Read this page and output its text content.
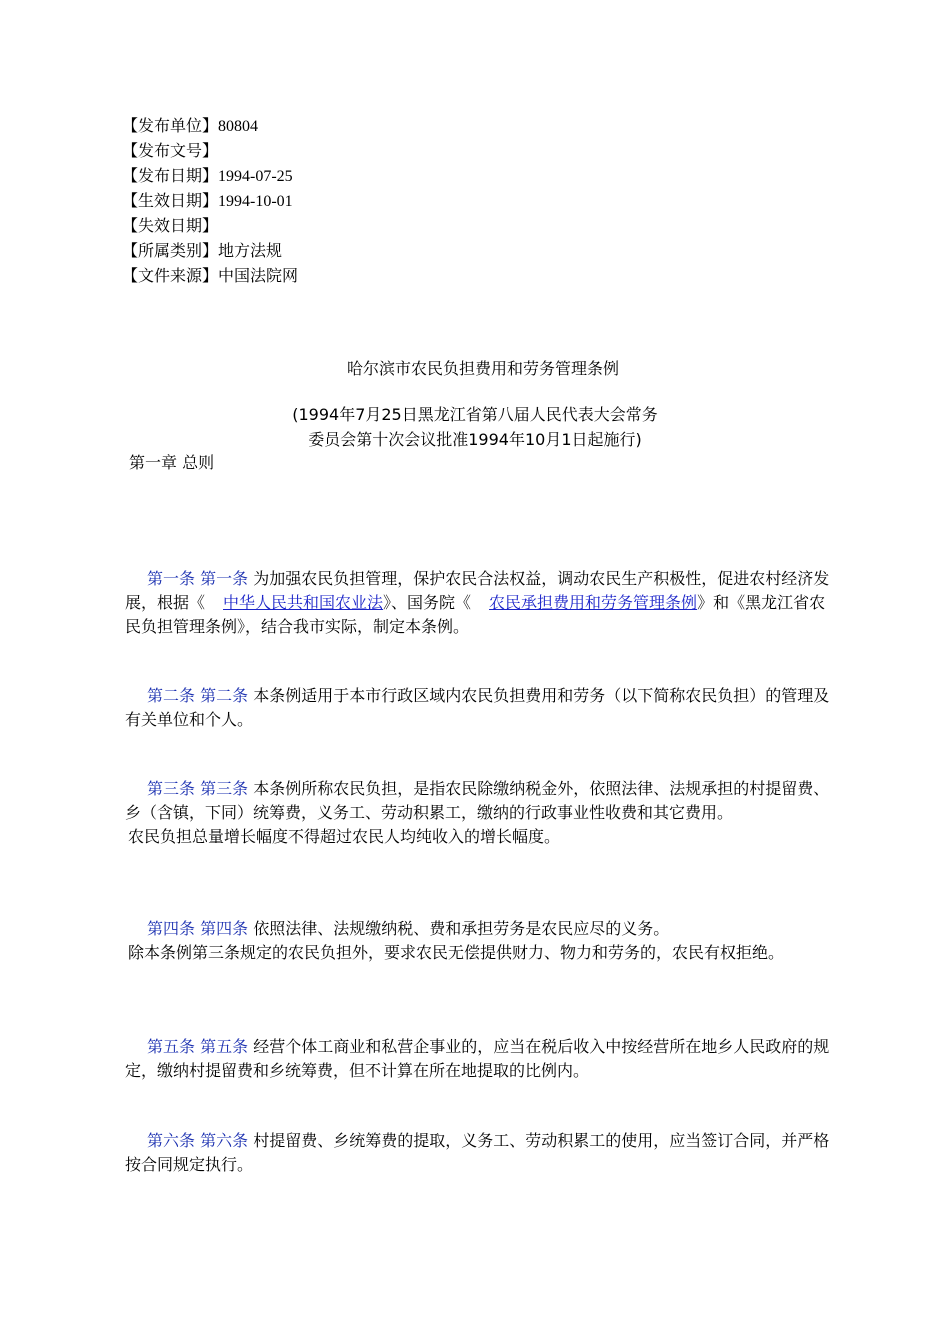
【发布单位】80804
【发布文号】
【发布日期】1994-07-25
【生效日期】1994-10-01
【失效日期】
【所属类别】地方法规
【文件来源】中国法院网
哈尔滨市农民负担费用和劳务管理条例
(1994年7月25日黑龙江省第八届人民代表大会常务
委员会第十次会议批准1994年10月1日起施行)
第一章 总则

第一条 第一条 为加强农民负担管理，保护农民合法权益，调动农民生产积极性，促进农村经济发展，根据《 中华人民共和国农业法》、国务院《 农民承担费用和劳务管理条例》和《黑龙江省农民负担管理条例》，结合我市实际，制定本条例。

第二条 第二条 本条例适用于本市行政区域内农民负担费用和劳务（以下简称农民负担）的管理及有关单位和个人。

第三条 第三条 本条例所称农民负担，是指农民除缴纳税金外，依照法律、法规承担的村提留费、乡（含镇，下同）统筹费，义务工、劳动积累工，缴纳的行政事业性收费和其它费用。

农民负担总量增长幅度不得超过农民人均纯收入的增长幅度。

第四条 第四条 依照法律、法规缴纳税、费和承担劳务是农民应尽的义务。

除本条例第三条规定的农民负担外，要求农民无偿提供财力、物力和劳务的，农民有权拒绝。

第五条 第五条 经营个体工商业和私营企事业的，应当在税后收入中按经营所在地乡人民政府的规定，缴纳村提留费和乡统筹费，但不计算在所在地提取的比例内。

第六条 第六条 村提留费、乡统筹费的提取，义务工、劳动积累工的使用，应当签订合同，并严格按合同规定执行。
